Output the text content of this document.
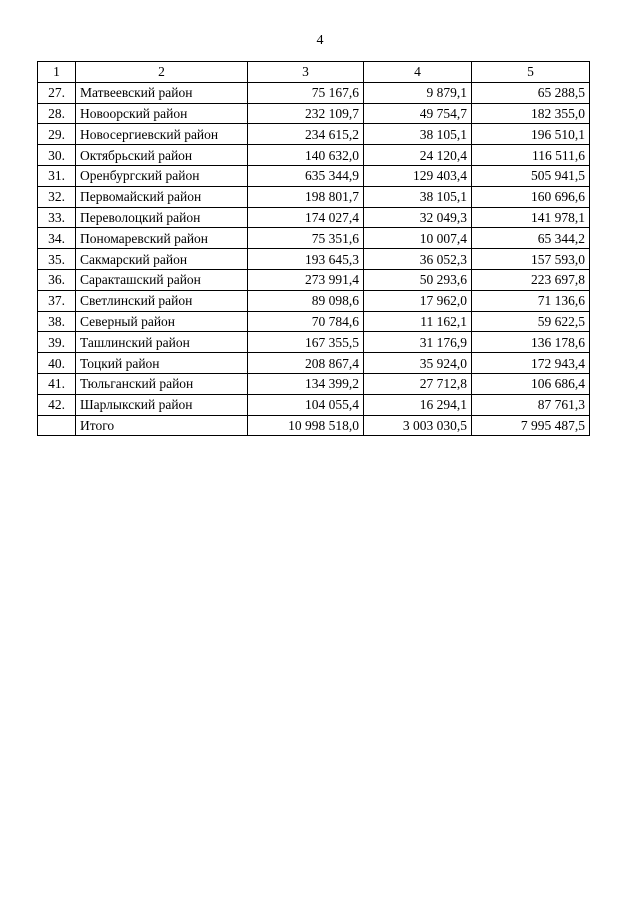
4
1	2	3	4	5
27.	Матвеевский район	75 167,6	9 879,1	65 288,5
28.	Новоорский район	232 109,7	49 754,7	182 355,0
29.	Новосергиевский район	234 615,2	38 105,1	196 510,1
30.	Октябрьский район	140 632,0	24 120,4	116 511,6
31.	Оренбургский район	635 344,9	129 403,4	505 941,5
32.	Первомайский район	198 801,7	38 105,1	160 696,6
33.	Переволоцкий район	174 027,4	32 049,3	141 978,1
34.	Пономаревский район	75 351,6	10 007,4	65 344,2
35.	Сакмарский район	193 645,3	36 052,3	157 593,0
36.	Саракташский район	273 991,4	50 293,6	223 697,8
37.	Светлинский район	89 098,6	17 962,0	71 136,6
38.	Северный район	70 784,6	11 162,1	59 622,5
39.	Ташлинский район	167 355,5	31 176,9	136 178,6
40.	Тоцкий район	208 867,4	35 924,0	172 943,4
41.	Тюльганский район	134 399,2	27 712,8	106 686,4
42.	Шарлыкский район	104 055,4	16 294,1	87 761,3
	Итого	10 998 518,0	3 003 030,5	7 995 487,5
